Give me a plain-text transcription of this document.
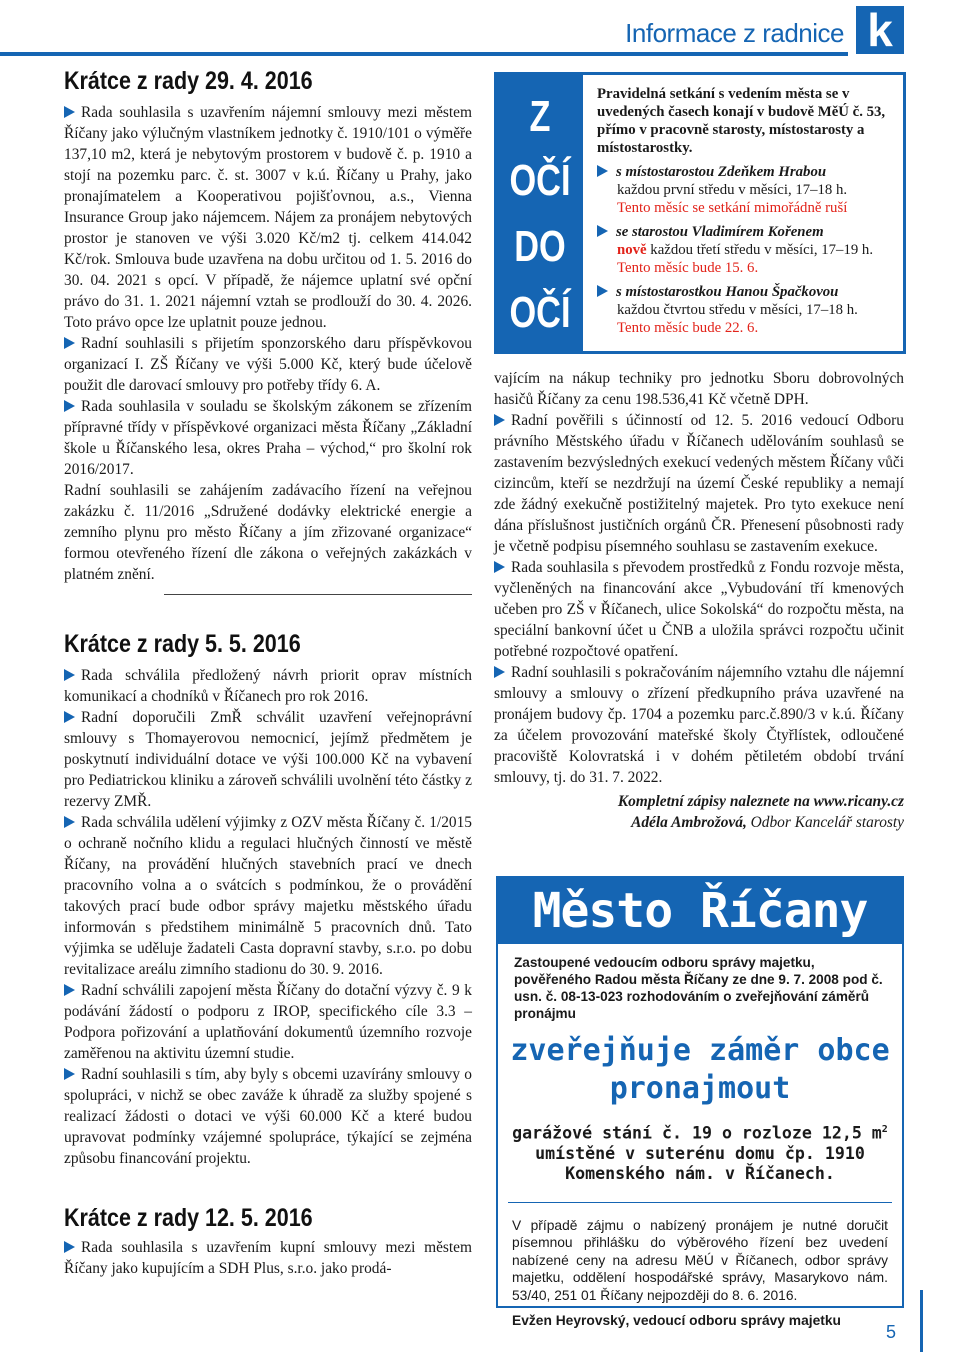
Informace z radnice k
Krátce z rady 29. 4. 2016

Rada souhlasila s uzavřením nájemní smlouvy mezi městem Říčany jako výlučným vlastníkem jednotky č. 1910/101 o výměře 137,10 m2, která je nebytovým prostorem v budově č. p. 1910 a stojí na pozemku parc. č. st. 3007 v k.ú. Říčany u Prahy, jako pronajímatelem a Kooperativou pojišťovnou, a.s., Vienna Insurance Group jako nájemcem. Nájem za pronájem nebytových prostor je stanoven ve výši 3.020 Kč/m2 tj. celkem 414.042 Kč/rok. Smlouva bude uzavřena na dobu určitou od 1. 5. 2016 do 30. 04. 2021 s opcí. V případě, že nájemce uplatní své opční právo do 31. 1. 2021 nájemní vztah se prodlouží do 30. 4. 2026. Toto právo opce lze uplatnit pouze jednou.

Radní souhlasili s přijetím sponzorského daru příspěvkovou organizací I. ZŠ Říčany ve výši 5.000 Kč, který bude účelově použit dle darovací smlouvy pro potřeby třídy 6. A.

Rada souhlasila v souladu se školským zákonem se zřízením přípravné třídy v příspěvkové organizaci města Říčany „Základní škole u Říčanského lesa, okres Praha – východ,“ pro školní rok 2016/2017.

Radní souhlasili se zahájením zadávacího řízení na veřejnou zakázku č. 11/2016 „Sdružené dodávky elektrické energie a zemního plynu pro město Říčany a jím zřizované organizace“ formou otevřeného řízení dle zákona o veřejných zakázkách v platném znění.

Krátce z rady 5. 5. 2016

Rada schválila předložený návrh priorit oprav místních komunikací a chodníků v Říčanech pro rok 2016.

Radní doporučili ZmŘ schválit uzavření veřejnoprávní smlouvy s Thomayerovou nemocnicí, jejímž předmětem je poskytnutí individuální dotace ve výši 100.000 Kč na vybavení pro Pediatrickou kliniku a zároveň schválili uvolnění této částky z rezervy ZMŘ.

Rada schválila udělení výjimky z OZV města Říčany č. 1/2015 o ochraně nočního klidu a regulaci hlučných činností ve městě Říčany, na provádění hlučných stavebních prací ve dnech pracovního volna a o svátcích s podmínkou, že o provádění takových prací bude odbor správy majetku městského úřadu informován s předstihem minimálně 5 pracovních dnů. Tato výjimka se uděluje žadateli Casta dopravní stavby, s.r.o. po dobu revitalizace areálu zimního stadionu do 30. 9. 2016.

Radní schválili zapojení města Říčany do dotační výzvy č. 9 k podávání žádostí o podporu z IROP, specifického cíle 3.3 – Podpora pořizování a uplatňování dokumentů územního rozvoje zaměřenou na aktivitu územní studie.

Radní souhlasili s tím, aby byly s obcemi uzavírány smlouvy o spolupráci, v nichž se obec zaváže k úhradě za služby spojené s realizací žádosti o dotaci ve výši 60.000 Kč a které budou upravovat podmínky vzájemné spolupráce, týkající se zejména způsobu financování projektu.

Krátce z rady 12. 5. 2016

Rada souhlasila s uzavřením kupní smlouvy mezi městem Říčany jako kupujícím a SDH Plus, s.r.o. jako prodá-

Z
OČÍ
DO
OČÍ
Pravidelná setkání s vedením města se v uvedených časech konají v budově MěÚ č. 53, přímo v pracovně starosty, místostarosty a místostarostky.
s místostarostou Zdeňkem Hrabou
každou první středu v měsíci, 17–18 h.
Tento měsíc se setkání mimořádně ruší
se starostou Vladimírem Kořenem
nově každou třetí středu v měsíci, 17–19 h.
Tento měsíc bude 15. 6.
s místostarostkou Hanou Špačkovou
každou čtvrtou středu v měsíci, 17–18 h.
Tento měsíc bude 22. 6.

vajícím na nákup techniky pro jednotku Sboru dobrovolných hasičů Říčany za cenu 198.536,41 Kč včetně DPH.

Radní pověřili s účinností od 12. 5. 2016 vedoucí Odboru právního Městského úřadu v Říčanech udělováním souhlasů se zastavením bezvýsledných exekucí vedených městem Říčany vůči cizincům, kteří se nezdržují na území České republiky a nemají zde žádný exekučně postižitelný majetek. Pro tyto exekuce není dána příslušnost justičních orgánů ČR. Přenesení působnosti rady je včetně podpisu písemného souhlasu se zastavením exekuce.

Rada souhlasila s převodem prostředků z Fondu rozvoje města, vyčleněných na financování akce „Vybudování tří kmenových učeben pro ZŠ v Říčanech, ulice Sokolská“ do rozpočtu města, na speciální bankovní účet u ČNB a uložila správci rozpočtu učinit potřebné rozpočtové opatření.

Radní souhlasili s pokračováním nájemního vztahu dle nájemní smlouvy a smlouvy o zřízení předkupního práva uzavřené na pronájem budovy čp. 1704 a pozemku parc.č.890/3 v k.ú. Říčany za účelem provozování mateřské školy Čtyřlístek, odloučené pracoviště Kolovratská i v dohém pětiletém období trvání smlouvy, tj. do 31. 7. 2022.

Kompletní zápisy naleznete na www.ricany.cz
Adéla Ambrožová, Odbor Kancelář starosty
Město Říčany
Zastoupené vedoucím odboru správy majetku, pověřeného Radou města Říčany ze dne 9. 7. 2008 pod č. usn. č. 08-13-023 rozhodováním o zveřejňování záměrů pronájmu
zveřejňuje záměr obce pronajmout
garážové stání č. 19 o rozloze 12,5 $m^2$
umístěné v suterénu domu čp. 1910
Komenského nám. v Říčanech.
V případě zájmu o nabízený pronájem je nutné doručit písemnou přihlášku do výběrového řízení bez uvedení nabízené ceny na adresu MěÚ v Říčanech, odbor správy majetku, oddělení hospodářské správy, Masarykovo nám. 53/40, 251 01 Říčany nejpozději do 8. 6. 2016.
Evžen Heyrovský, vedoucí odboru správy majetku
5
